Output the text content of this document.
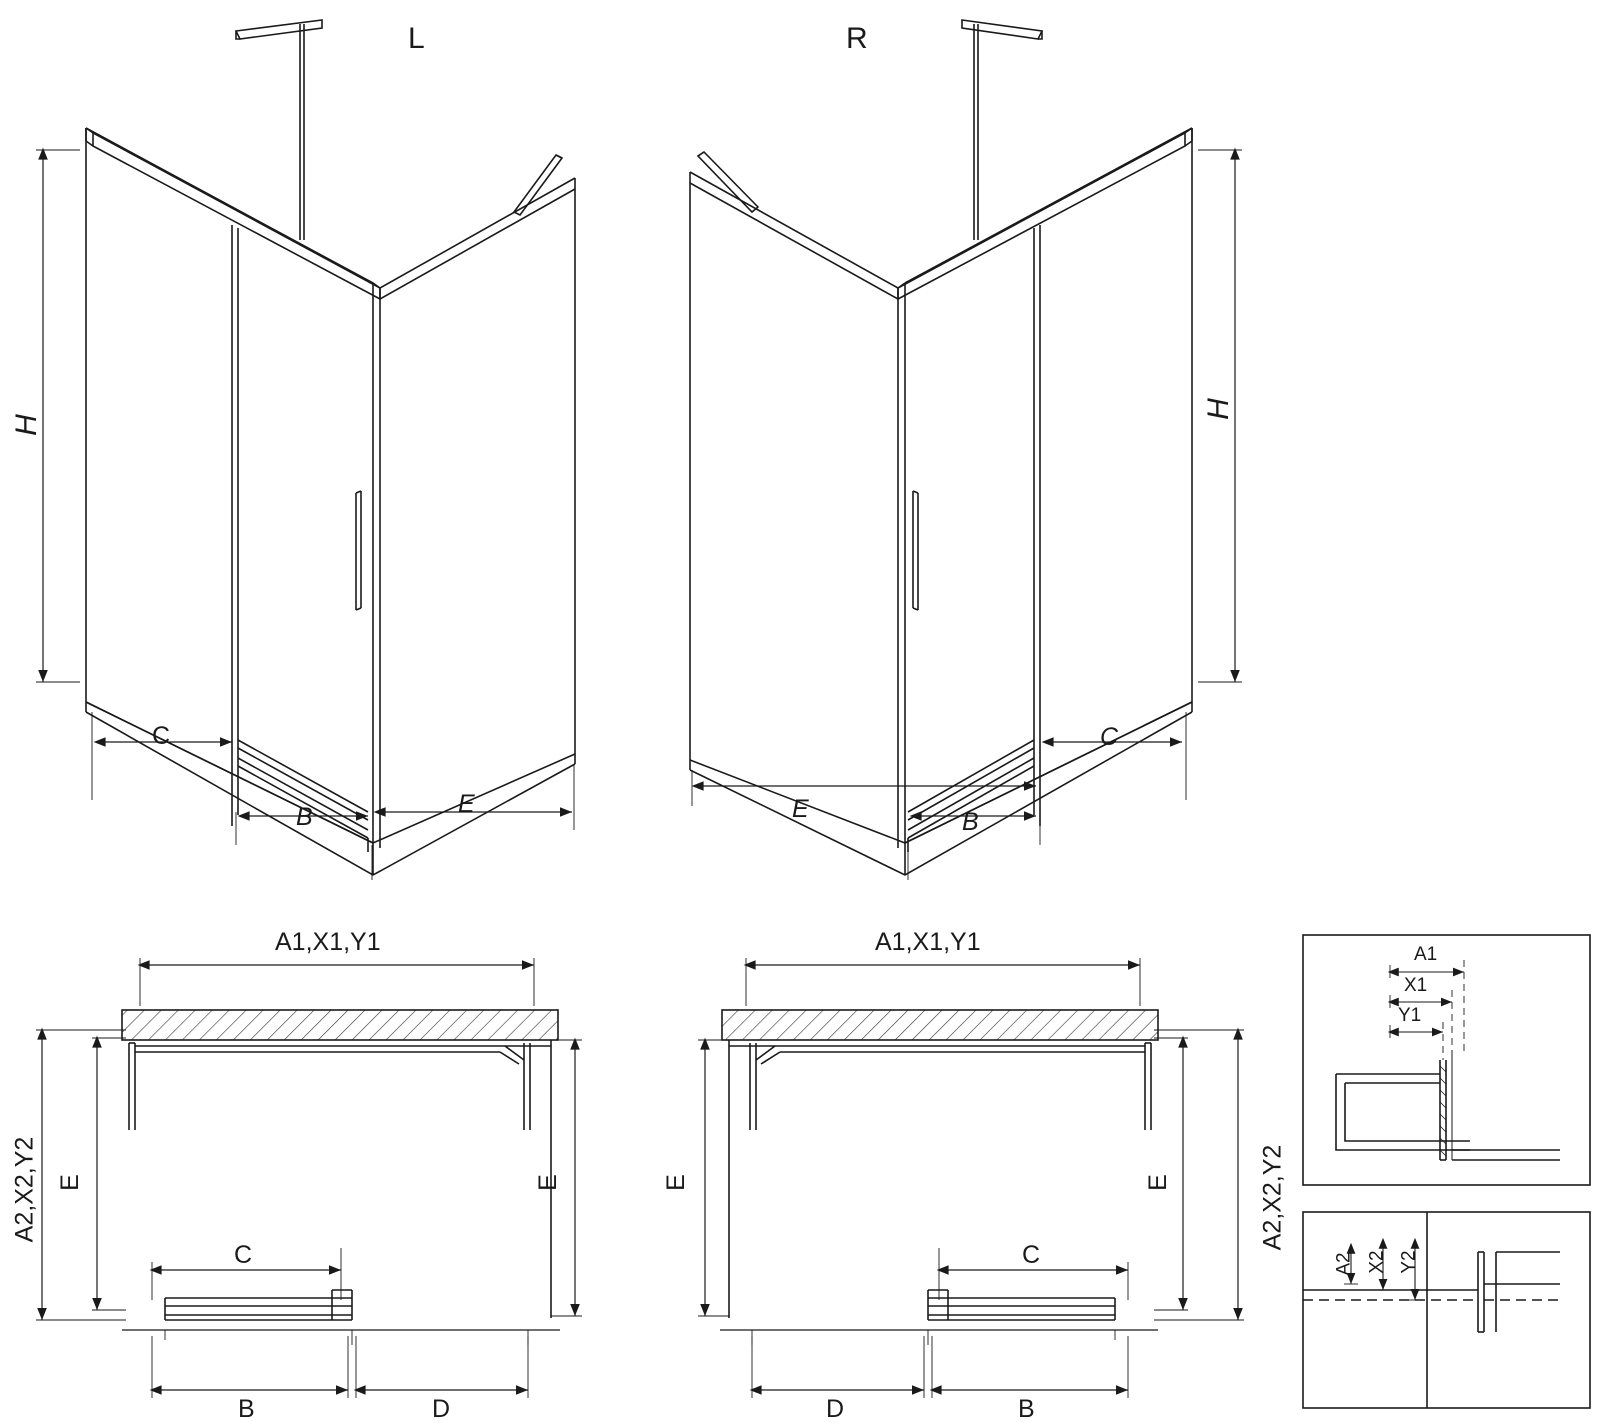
L
H
C
B	E
R
H
E	B
C
A1,X1,Y1
A2,X2,Y2 E	E
C
B	D
A1,X1,Y1
A2,X2,Y2
E
E
C
B
D
A1
X1
Y1
A2 X2 Y2
